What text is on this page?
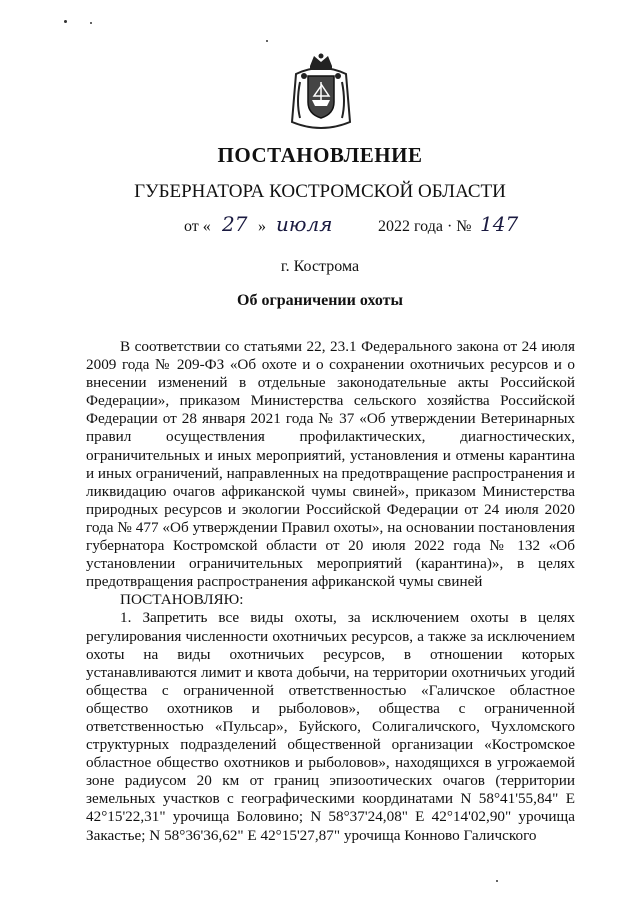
ПОСТАНОВЛЕНИЕ
ГУБЕРНАТОРА КОСТРОМСКОЙ ОБЛАСТИ
от « 27 » июля	2022 года · № 147
г. Кострома
Об ограничении охоты

В соответствии со статьями 22, 23.1 Федерального закона от 24 июля 2009 года № 209-ФЗ «Об охоте и о сохранении охотничьих ресурсов и о внесении изменений в отдельные законодательные акты Российской Федерации», приказом Министерства сельского хозяйства Российской Федерации от 28 января 2021 года № 37 «Об утверждении Ветеринарных правил осуществления профилактических, диагностических, ограничительных и иных мероприятий, установления и отмены карантина и иных ограничений, направленных на предотвращение распространения и ликвидацию очагов африканской чумы свиней», приказом Министерства природных ресурсов и экологии Российской Федерации от 24 июля 2020 года № 477 «Об утверждении Правил охоты», на основании постановления губернатора Костромской области от 20 июля 2022 года № 132 «Об установлении ограничительных мероприятий (карантина)», в целях предотвращения распространения африканской чумы свиней

ПОСТАНОВЛЯЮ:

1. Запретить все виды охоты, за исключением охоты в целях регулирования численности охотничьих ресурсов, а также за исключением охоты на виды охотничьих ресурсов, в отношении которых устанавливаются лимит и квота добычи, на территории охотничьих угодий общества с ограниченной ответственностью «Галичское областное общество охотников и рыболовов», общества с ограниченной ответственностью «Пульсар», Буйского, Солигаличского, Чухломского структурных подразделений общественной организации «Костромское областное общество охотников и рыболовов», находящихся в угрожаемой зоне радиусом 20 км от границ эпизоотических очагов (территории земельных участков с географическими координатами N 58°41'55,84" E 42°15'22,31" урочища Боловино; N 58°37'24,08" E 42°14'02,90" урочища Закастье; N 58°36'36,62" E 42°15'27,87" урочища Конново Галичского
